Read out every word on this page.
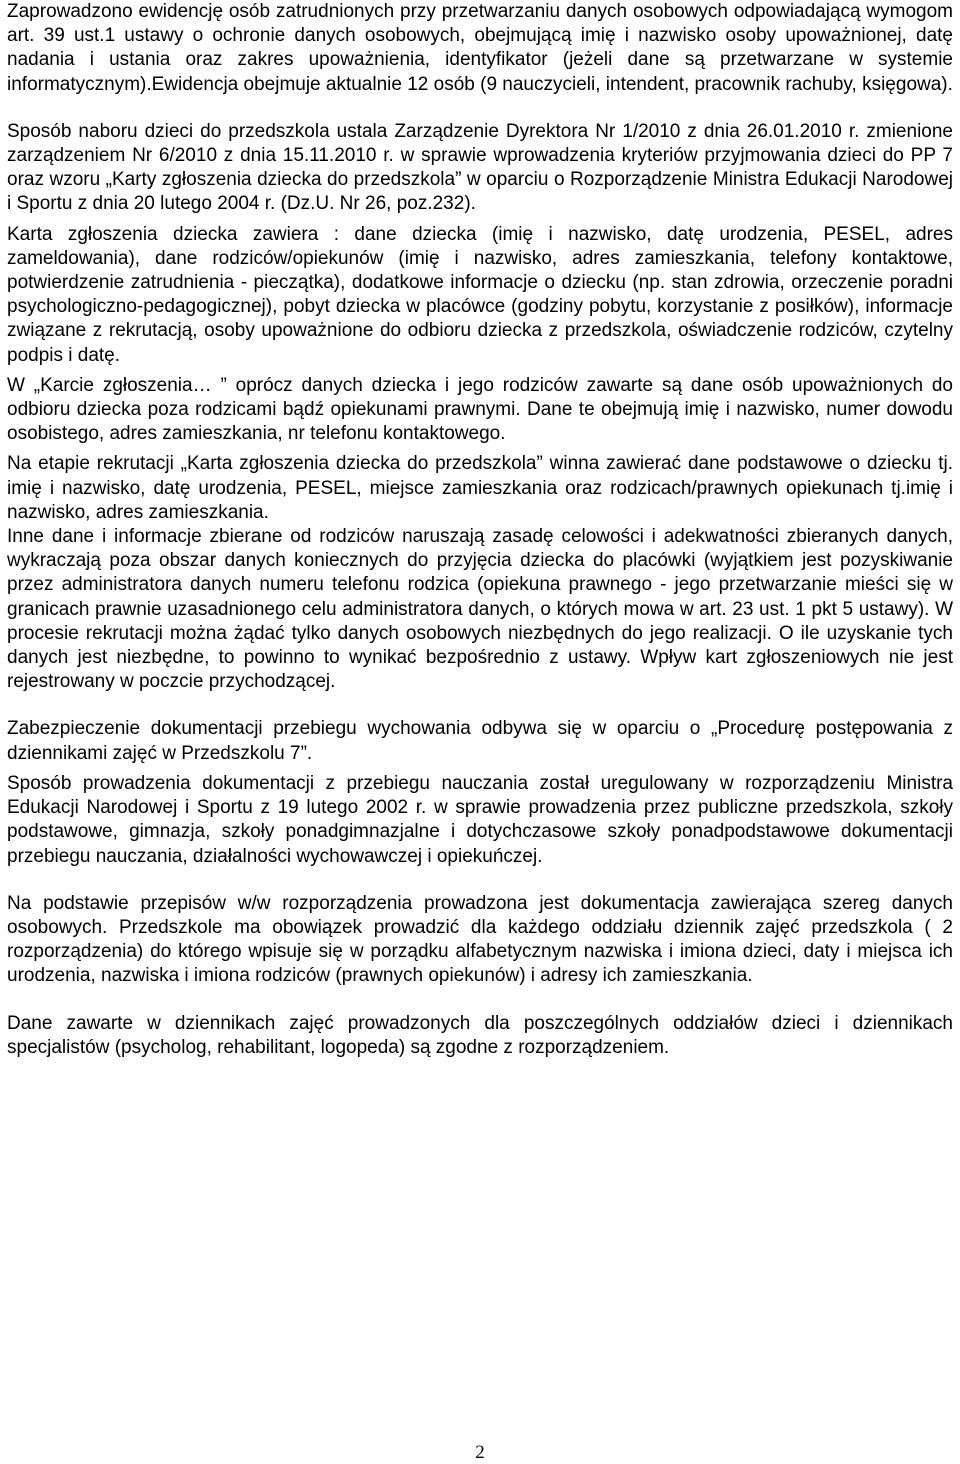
Zaprowadzono ewidencję osób zatrudnionych przy przetwarzaniu danych osobowych odpowiadającą wymogom art. 39 ust.1 ustawy o ochronie danych osobowych, obejmującą imię i nazwisko osoby upoważnionej, datę nadania i ustania oraz zakres upoważnienia, identyfikator (jeżeli dane są przetwarzane w systemie informatycznym).Ewidencja obejmuje aktualnie 12 osób (9 nauczycieli, intendent, pracownik rachuby, księgowa).

Sposób naboru dzieci do przedszkola ustala Zarządzenie Dyrektora Nr 1/2010 z dnia 26.01.2010 r. zmienione zarządzeniem Nr 6/2010 z dnia 15.11.2010 r. w sprawie wprowadzenia kryteriów przyjmowania dzieci do PP 7 oraz wzoru „Karty zgłoszenia dziecka do przedszkola” w oparciu o Rozporządzenie Ministra Edukacji Narodowej i Sportu z dnia 20 lutego 2004 r. (Dz.U. Nr 26, poz.232).

Karta zgłoszenia dziecka zawiera : dane dziecka (imię i nazwisko, datę urodzenia, PESEL, adres zameldowania), dane rodziców/opiekunów (imię i nazwisko, adres zamieszkania, telefony kontaktowe, potwierdzenie zatrudnienia - pieczątka), dodatkowe informacje o dziecku (np. stan zdrowia, orzeczenie poradni psychologiczno-pedagogicznej), pobyt dziecka w placówce (godziny pobytu, korzystanie z posiłków), informacje związane z rekrutacją, osoby upoważnione do odbioru dziecka z przedszkola, oświadczenie rodziców, czytelny podpis i datę.

W „Karcie zgłoszenia… ” oprócz danych dziecka i jego rodziców zawarte są dane osób upoważnionych do odbioru dziecka poza rodzicami bądź opiekunami prawnymi. Dane te obejmują imię i nazwisko, numer dowodu osobistego, adres zamieszkania, nr telefonu kontaktowego.

Na etapie rekrutacji „Karta zgłoszenia dziecka do przedszkola” winna zawierać dane podstawowe o dziecku tj. imię i nazwisko, datę urodzenia, PESEL, miejsce zamieszkania oraz rodzicach/prawnych opiekunach tj.imię i nazwisko, adres zamieszkania.

Inne dane i informacje zbierane od rodziców naruszają zasadę celowości i adekwatności zbieranych danych, wykraczają poza obszar danych koniecznych do przyjęcia dziecka do placówki (wyjątkiem jest pozyskiwanie przez administratora danych numeru telefonu rodzica (opiekuna prawnego - jego przetwarzanie mieści się w granicach prawnie uzasadnionego celu administratora danych, o których mowa w art. 23 ust. 1 pkt 5 ustawy). W procesie rekrutacji można żądać tylko danych osobowych niezbędnych do jego realizacji. O ile uzyskanie tych danych jest niezbędne, to powinno to wynikać bezpośrednio z ustawy. Wpływ kart zgłoszeniowych nie jest rejestrowany w poczcie przychodzącej.

Zabezpieczenie dokumentacji przebiegu wychowania odbywa się w oparciu o „Procedurę postępowania z dziennikami zajęć w Przedszkolu 7”.

Sposób prowadzenia dokumentacji z przebiegu nauczania został uregulowany w rozporządzeniu Ministra Edukacji Narodowej i Sportu z 19 lutego 2002 r. w sprawie prowadzenia przez publiczne przedszkola, szkoły podstawowe, gimnazja, szkoły ponadgimnazjalne i dotychczasowe szkoły ponadpodstawowe dokumentacji przebiegu nauczania, działalności wychowawczej i opiekuńczej.

Na podstawie przepisów w/w rozporządzenia prowadzona jest dokumentacja zawierająca szereg danych osobowych. Przedszkole ma obowiązek prowadzić dla każdego oddziału dziennik zajęć przedszkola ( 2 rozporządzenia) do którego wpisuje się w porządku alfabetycznym nazwiska i imiona dzieci, daty i miejsca ich urodzenia, nazwiska i imiona rodziców (prawnych opiekunów) i adresy ich zamieszkania.

Dane zawarte w dziennikach zajęć prowadzonych dla poszczególnych oddziałów dzieci i dziennikach specjalistów (psycholog, rehabilitant, logopeda) są zgodne z rozporządzeniem.

2
